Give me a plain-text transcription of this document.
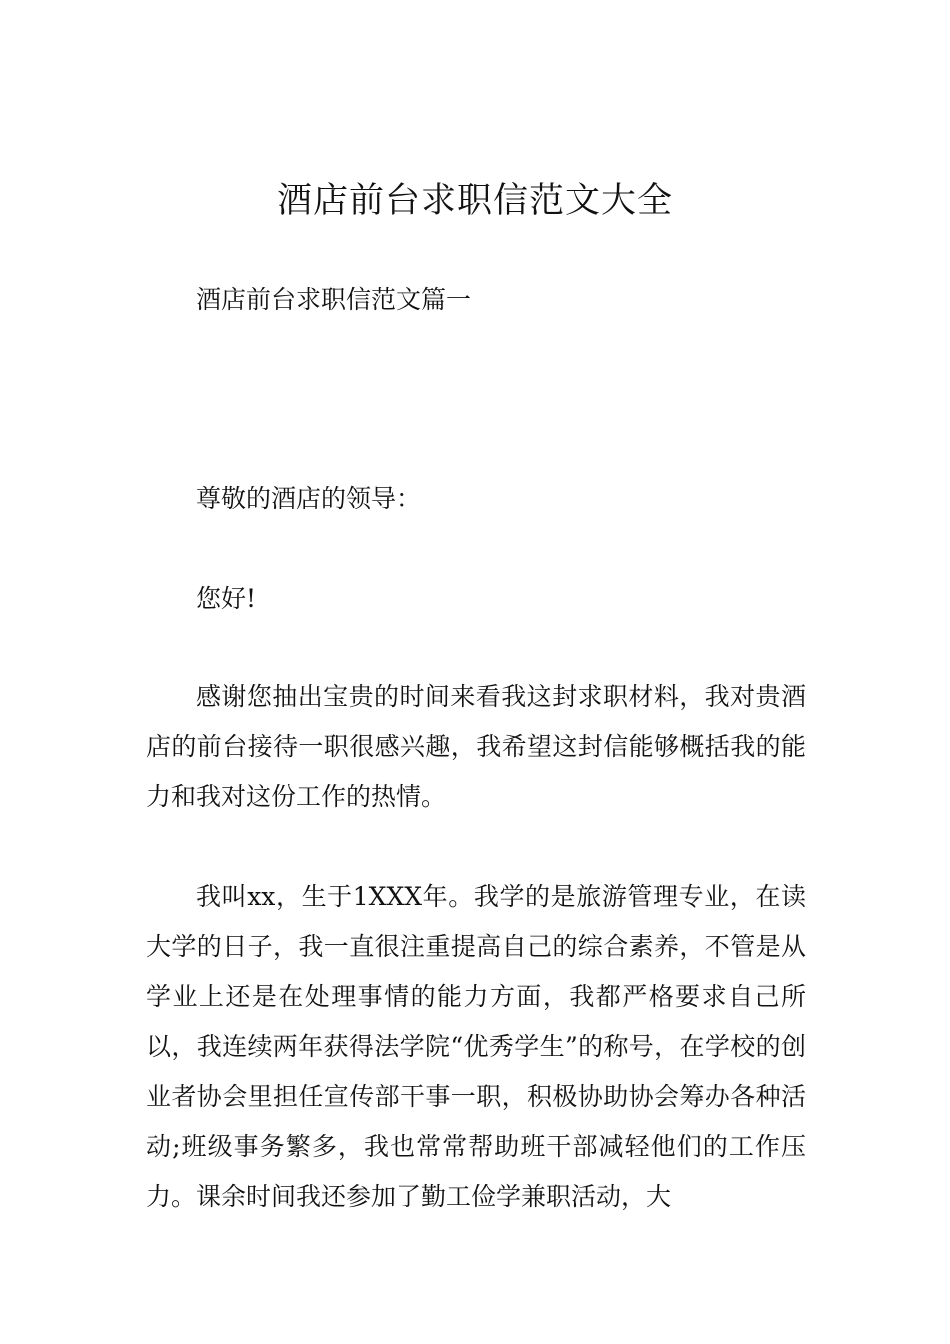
酒店前台求职信范文大全

酒店前台求职信范文篇一

尊敬的酒店的领导：

您好!

感谢您抽出宝贵的时间来看我这封求职材料，我对贵酒店的前台接待一职很感兴趣，我希望这封信能够概括我的能力和我对这份工作的热情。

我叫xx，生于1XXX年。我学的是旅游管理专业，在读大学的日子，我一直很注重提高自己的综合素养，不管是从学业上还是在处理事情的能力方面，我都严格要求自己所以，我连续两年获得法学院“优秀学生”的称号，在学校的创业者协会里担任宣传部干事一职，积极协助协会筹办各种活动;班级事务繁多，我也常常帮助班干部减轻他们的工作压力。课余时间我还参加了勤工俭学兼职活动，大
